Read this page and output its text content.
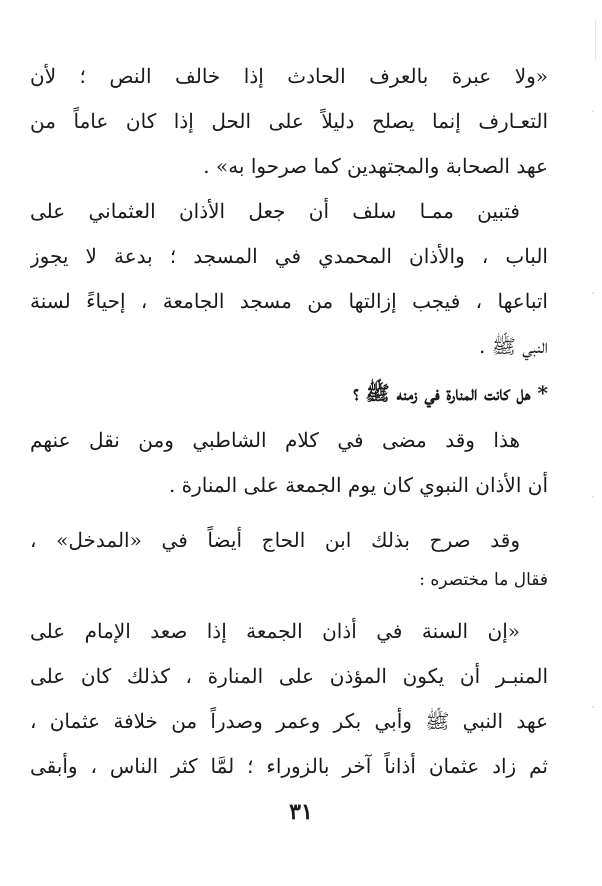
«ولا عبرة بالعرف الحادث إذا خالف النص ؛ لأن
التعـارف إنما يصلح دليلاً على الحل إذا كان عاماً من
عهد الصحابة والمجتهدين كما صرحوا به» .
فتبين ممـا سلف أن جعل الأذان العثماني على
الباب ، والأذان المحمدي في المسجد ؛ بدعة لا يجوز
اتباعها ، فيجب إزالتها من مسجد الجامعة ، إحياءً لسنة
النبي ﷺ .
* هل كانت المنارة في زمنه ﷺ ؟
هذا وقد مضى في كلام الشاطبي ومن نقل عنهم
أن الأذان النبوي كان يوم الجمعة على المنارة .
وقد صرح بذلك ابن الحاج أيضاً في «المدخل» ،
فقال ما مختصره :
«إن السنة في أذان الجمعة إذا صعد الإمام على
المنبـر أن يكون المؤذن على المنارة ، كذلك كان على
عهد النبي ﷺ وأبي بكر وعمر وصدراً من خلافة عثمان ،
ثم زاد عثمان أذاناً آخر بالزوراء ؛ لمَّا كثر الناس ، وأبقى
٣١
